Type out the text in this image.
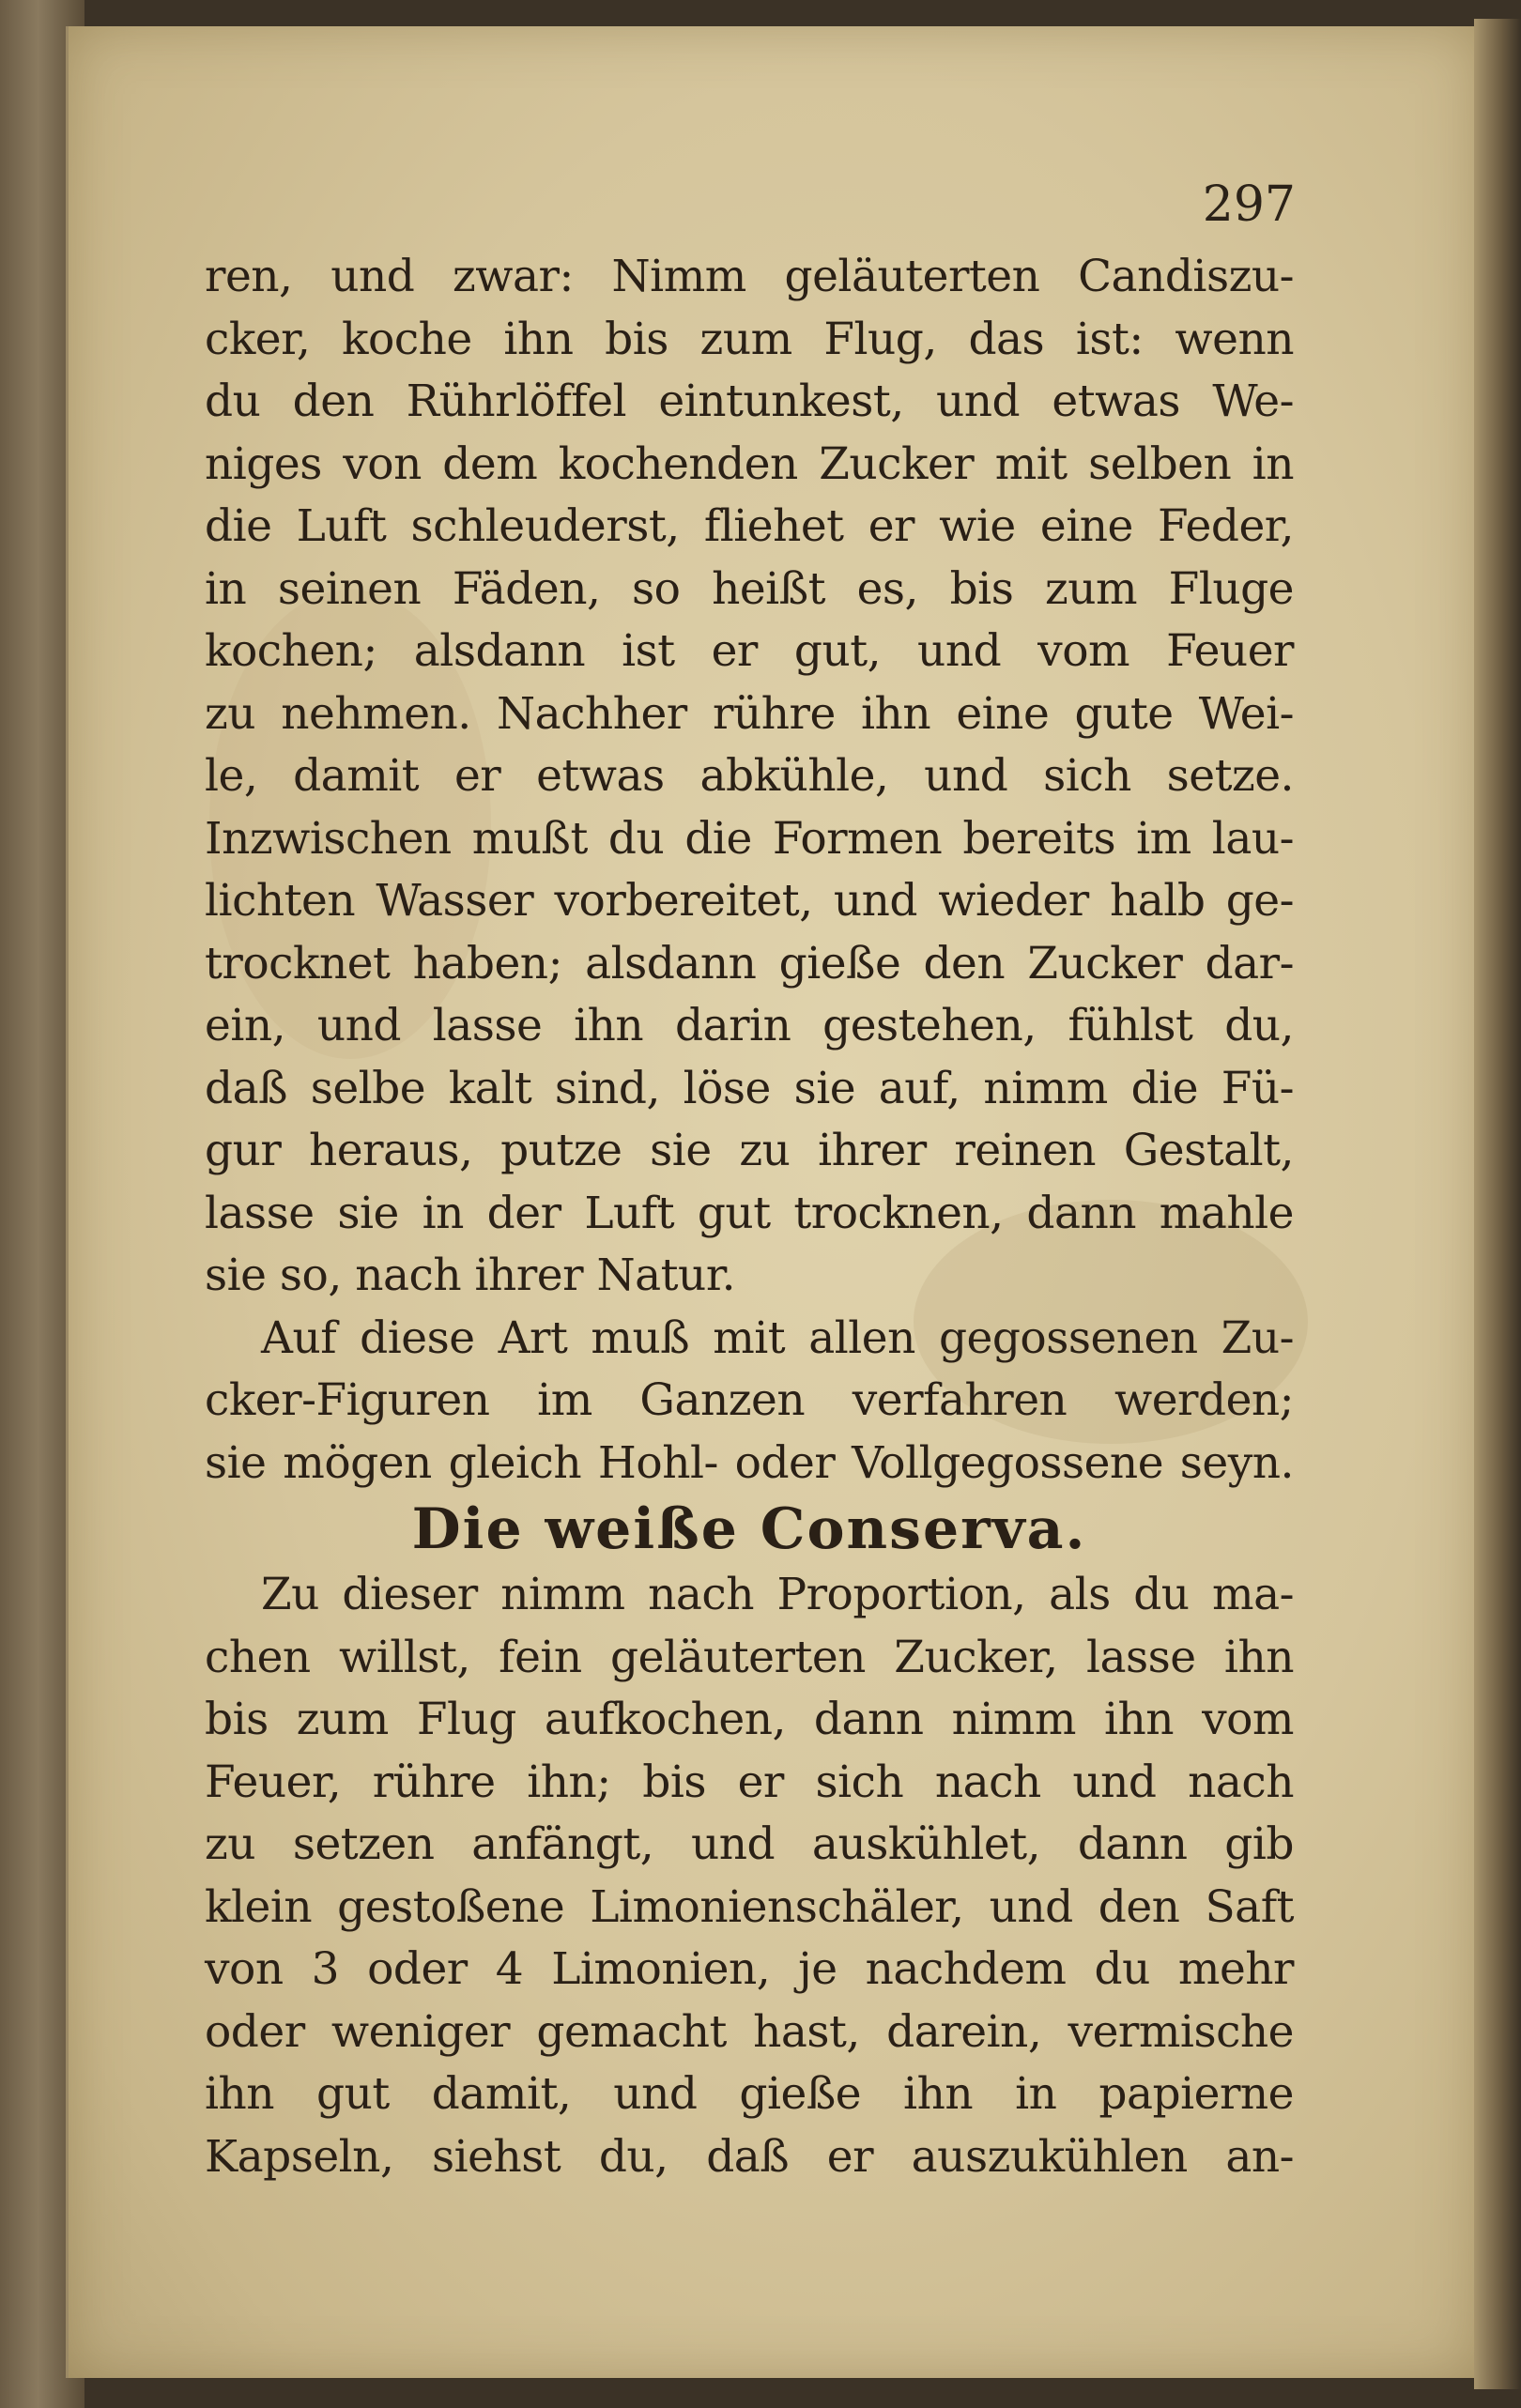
297
ren, und zwar: Nimm geläuterten Candiszu-
cker, koche ihn bis zum Flug, das ist: wenn
du den Rührlöffel eintunkest, und etwas We-
niges von dem kochenden Zucker mit selben in
die Luft schleuderst, fliehet er wie eine Feder,
in seinen Fäden, so heißt es, bis zum Fluge
kochen; alsdann ist er gut, und vom Feuer
zu nehmen. Nachher rühre ihn eine gute Wei-
le, damit er etwas abkühle, und sich setze.
Inzwischen mußt du die Formen bereits im lau-
lichten Wasser vorbereitet, und wieder halb ge-
trocknet haben; alsdann gieße den Zucker dar-
ein, und lasse ihn darin gestehen, fühlst du,
daß selbe kalt sind, löse sie auf, nimm die Fü-
gur heraus, putze sie zu ihrer reinen Gestalt,
lasse sie in der Luft gut trocknen, dann mahle
sie so, nach ihrer Natur.
Auf diese Art muß mit allen gegossenen Zu-
cker-Figuren im Ganzen verfahren werden;
sie mögen gleich Hohl- oder Vollgegossene seyn.
Die weiße Conserva.
Zu dieser nimm nach Proportion, als du ma-
chen willst, fein geläuterten Zucker, lasse ihn
bis zum Flug aufkochen, dann nimm ihn vom
Feuer, rühre ihn; bis er sich nach und nach
zu setzen anfängt, und auskühlet, dann gib
klein gestoßene Limonienschäler, und den Saft
von 3 oder 4 Limonien, je nachdem du mehr
oder weniger gemacht hast, darein, vermische
ihn gut damit, und gieße ihn in papierne
Kapseln, siehst du, daß er auszukühlen an-
